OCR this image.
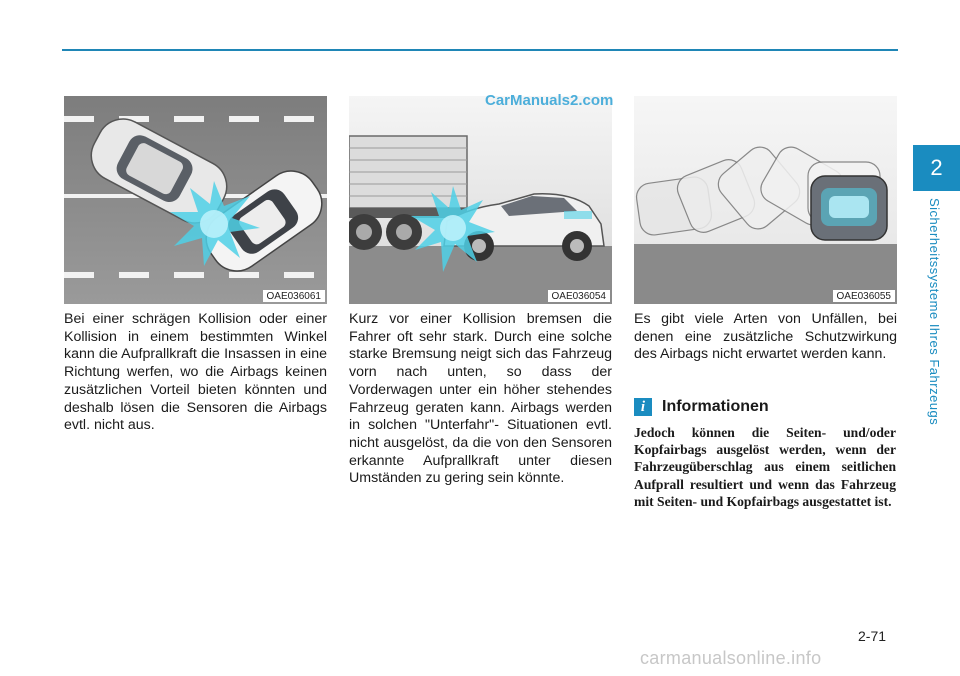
2
Sicherheitssysteme Ihres Fahrzeugs
OAE036061	OAE036054	OAE036055
CarManuals2.com
Bei einer schrägen Kollision oder einer Kollision in einem bestimmten Winkel kann die Aufprallkraft die Insassen in eine Richtung werfen, wo die Airbags keinen zusätzlichen Vorteil bieten könnten und deshalb lösen die Sensoren die Airbags evtl. nicht aus.
Kurz vor einer Kollision bremsen die Fahrer oft sehr stark. Durch eine solche starke Bremsung neigt sich das Fahrzeug vorn nach unten, so dass der Vorderwagen unter ein höher stehendes Fahrzeug geraten kann. Airbags werden in solchen "Unterfahr"- Situationen evtl. nicht ausgelöst, da die von den Sensoren erkannte Aufprallkraft unter diesen Umständen zu gering sein könnte.
Es gibt viele Arten von Unfällen, bei denen eine zusätzliche Schutzwirkung des Airbags nicht erwartet werden kann.
i	Informationen
Jedoch können die Seiten- und/oder Kopfairbags ausgelöst werden, wenn der Fahrzeugüberschlag aus einem seitlichen Aufprall resultiert und wenn das Fahrzeug mit Seiten- und Kopfairbags ausgestattet ist.
2-71
carmanualsonline.info
